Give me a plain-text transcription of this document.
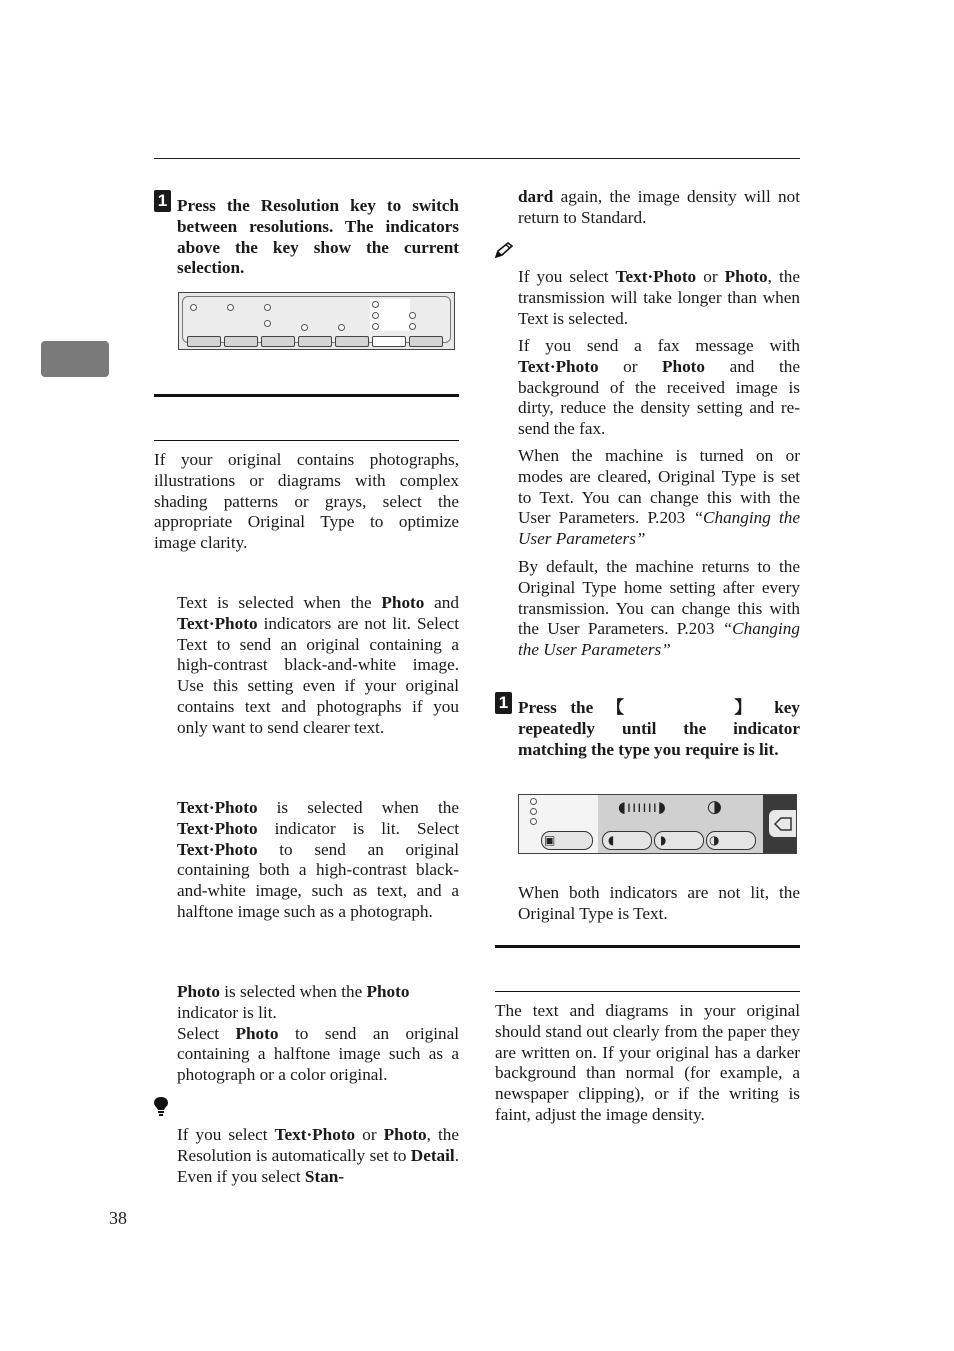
1 Press the Resolution key to switch between resolutions. The indicators above the key show the current selection.
If your original contains photographs, illustrations or diagrams with complex shading patterns or grays, select the appropriate Original Type to optimize image clarity.
Text is selected when the Photo and Text·Photo indicators are not lit. Select Text to send an original containing a high-contrast black-and-white image. Use this setting even if your original contains text and photographs if you only want to send clearer text.
Text·Photo is selected when the Text·Photo indicator is lit. Select Text·Photo to send an original containing both a high-contrast black-and-white image, such as text, and a halftone image such as a photograph.
Photo is selected when the Photo indicator is lit.
Select Photo to send an original containing a halftone image such as a photograph or a color original.
If you select Text·Photo or Photo, the Resolution is automatically set to Detail. Even if you select Stan-
dard again, the image density will not return to Standard.
If you select Text·Photo or Photo, the transmission will take longer than when Text is selected.
If you send a fax message with Text·Photo or Photo and the background of the received image is dirty, reduce the density setting and re-send the fax.
When the machine is turned on or modes are cleared, Original Type is set to Text. You can change this with the User Parameters. P.203 “Changing the User Parameters”
By default, the machine returns to the Original Type home setting after every transmission. You can change this with the User Parameters. P.203 “Changing the User Parameters”
1 Press the 【	】 key repeatedly until the indicator matching the type you require is lit.
◖ıııııı◗ ◑
▣	◖	◗	◑
When both indicators are not lit, the Original Type is Text.
The text and diagrams in your original should stand out clearly from the paper they are written on. If your original has a darker background than normal (for example, a newspaper clipping), or if the writing is faint, adjust the image density.
38
